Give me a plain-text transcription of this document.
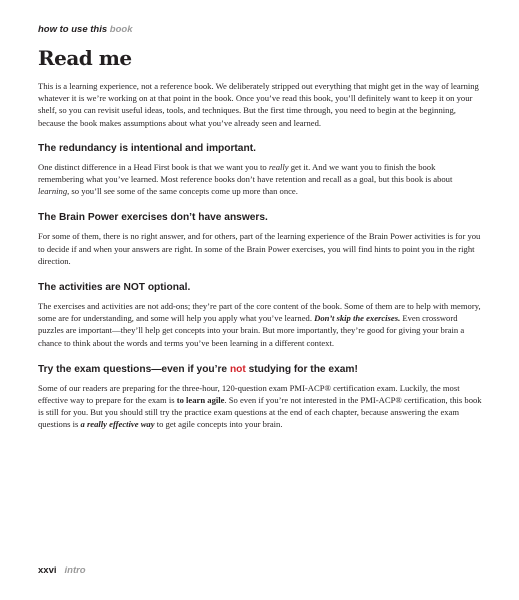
how to use this book
Read me

This is a learning experience, not a reference book. We deliberately stripped out everything that might get in the way of learning whatever it is we’re working on at that point in the book. Once you’ve read this book, you’ll definitely want to keep it on your shelf, so you can revisit useful ideas, tools, and techniques. But the first time through, you need to begin at the beginning, because the book makes assumptions about what you’ve already seen and learned.

The redundancy is intentional and important.

One distinct difference in a Head First book is that we want you to really get it. And we want you to finish the book remembering what you’ve learned. Most reference books don’t have retention and recall as a goal, but this book is about learning, so you’ll see some of the same concepts come up more than once.

The Brain Power exercises don’t have answers.

For some of them, there is no right answer, and for others, part of the learning experience of the Brain Power activities is for you to decide if and when your answers are right. In some of the Brain Power exercises, you will find hints to point you in the right direction.

The activities are NOT optional.

The exercises and activities are not add-ons; they’re part of the core content of the book. Some of them are to help with memory, some are for understanding, and some will help you apply what you’ve learned. Don’t skip the exercises. Even crossword puzzles are important—they’ll help get concepts into your brain. But more importantly, they’re good for giving your brain a chance to think about the words and terms you’ve been learning in a different context.

Try the exam questions—even if you’re not studying for the exam!

Some of our readers are preparing for the three-hour, 120-question exam PMI-ACP® certification exam. Luckily, the most effective way to prepare for the exam is to learn agile. So even if you’re not interested in the PMI-ACP® certification, this book is still for you. But you should still try the practice exam questions at the end of each chapter, because answering the exam questions is a really effective way to get agile concepts into your brain.

xxvi intro
